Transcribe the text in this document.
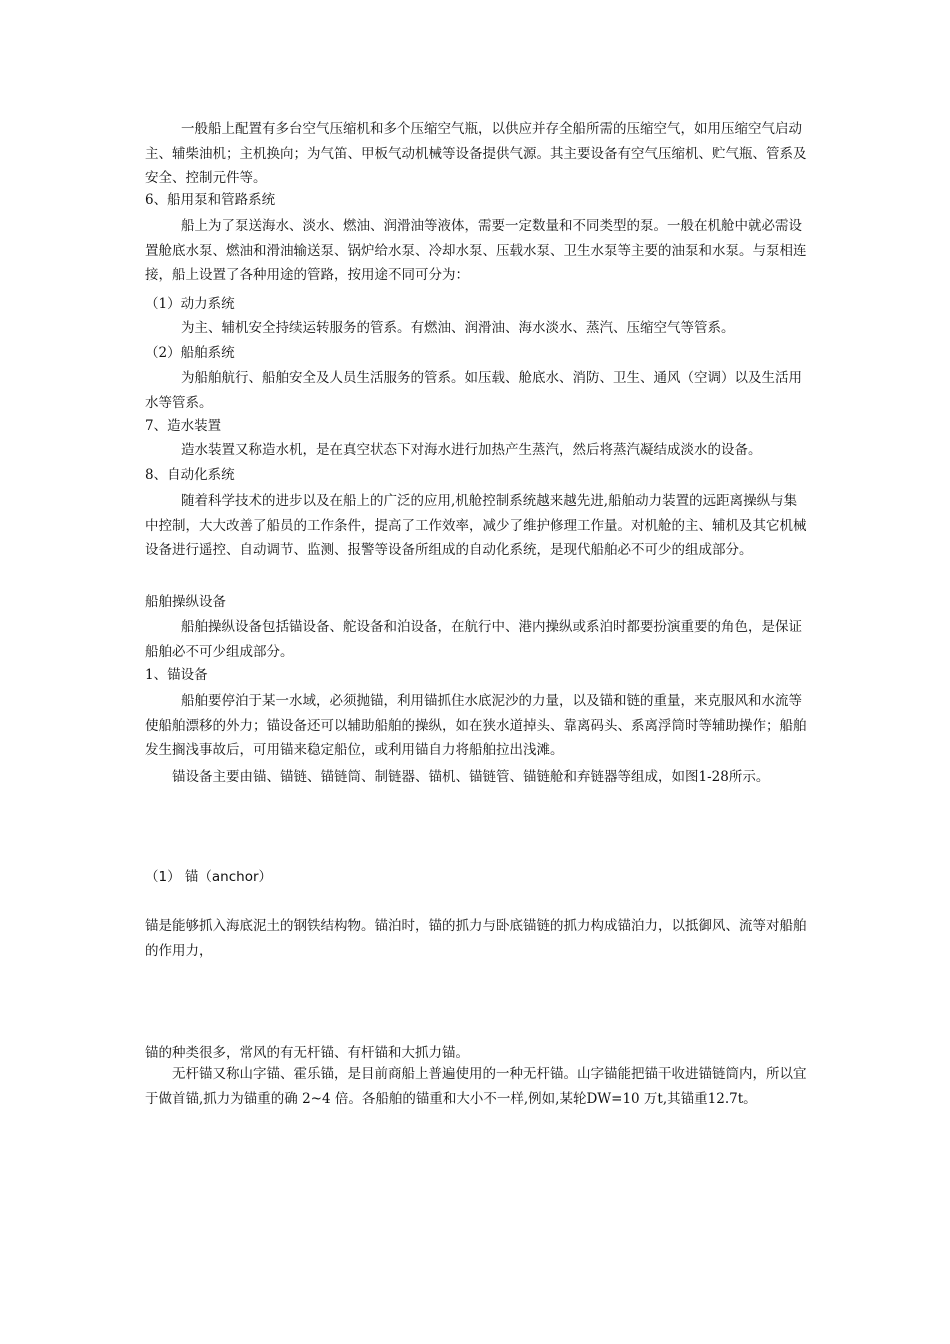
一般船上配置有多台空气压缩机和多个压缩空气瓶，以供应并存全船所需的压缩空气，如用压缩空气启动主、辅柴油机；主机换向；为气笛、甲板气动机械等设备提供气源。其主要设备有空气压缩机、贮气瓶、管系及安全、控制元件等。

6、船用泵和管路系统

船上为了泵送海水、淡水、燃油、润滑油等液体，需要一定数量和不同类型的泵。一般在机舱中就必需设置舱底水泵、燃油和滑油输送泵、锅炉给水泵、冷却水泵、压载水泵、卫生水泵等主要的油泵和水泵。与泵相连接，船上设置了各种用途的管路，按用途不同可分为：

（1）动力系统

为主、辅机安全持续运转服务的管系。有燃油、润滑油、海水淡水、蒸汽、压缩空气等管系。

（2）船舶系统

为船舶航行、船舶安全及人员生活服务的管系。如压载、舱底水、消防、卫生、通风（空调）以及生活用水等管系。

7、造水装置

造水装置又称造水机，是在真空状态下对海水进行加热产生蒸汽，然后将蒸汽凝结成淡水的设备。

8、自动化系统

随着科学技术的进步以及在船上的广泛的应用,机舱控制系统越来越先进,船舶动力装置的远距离操纵与集中控制，大大改善了船员的工作条件，提高了工作效率，减少了维护修理工作量。对机舱的主、辅机及其它机械设备进行遥控、自动调节、监测、报警等设备所组成的自动化系统，是现代船舶必不可少的组成部分。

船舶操纵设备

船舶操纵设备包括锚设备、舵设备和泊设备，在航行中、港内操纵或系泊时都要扮演重要的角色，是保证船舶必不可少组成部分。

1、锚设备

船舶要停泊于某一水域，必须抛锚，利用锚抓住水底泥沙的力量，以及锚和链的重量，来克服风和水流等使船舶漂移的外力；锚设备还可以辅助船舶的操纵，如在狭水道掉头、靠离码头、系离浮筒时等辅助操作；船舶发生搁浅事故后，可用锚来稳定船位，或利用锚自力将船舶拉出浅滩。

锚设备主要由锚、锚链、锚链筒、制链器、锚机、锚链管、锚链舱和弃链器等组成，如图1-28所示。

（1） 锚（anchor）

锚是能够抓入海底泥土的钢铁结构物。锚泊时，锚的抓力与卧底锚链的抓力构成锚泊力，以抵御风、流等对船舶的作用力，

锚的种类很多，常风的有无杆锚、有杆锚和大抓力锚。

无杆锚又称山字锚、霍乐锚，是目前商船上普遍使用的一种无杆锚。山字锚能把锚干收进锚链筒内，所以宜于做首锚,抓力为锚重的确 2~4 倍。各船舶的锚重和大小不一样,例如,某轮DW=10 万t,其锚重12.7t。
